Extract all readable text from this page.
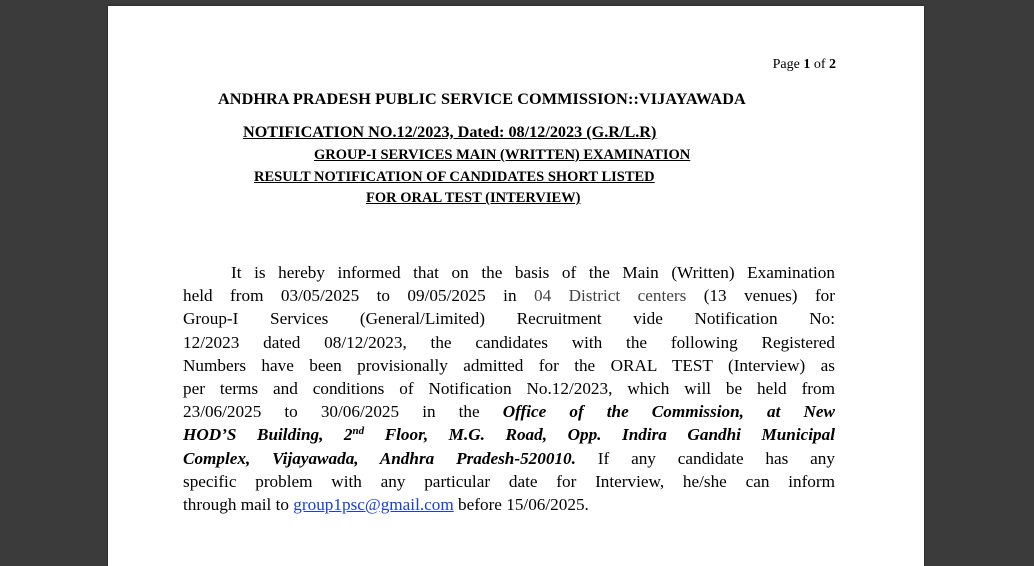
Page 1 of 2
ANDHRA PRADESH PUBLIC SERVICE COMMISSION::VIJAYAWADA
NOTIFICATION NO.12/2023, Dated: 08/12/2023 (G.R/L.R)
GROUP-I SERVICES MAIN (WRITTEN) EXAMINATION
RESULT NOTIFICATION OF CANDIDATES SHORT LISTED
FOR ORAL TEST (INTERVIEW)
It is hereby informed that on the basis of the Main (Written) Examination
held from 03/05/2025 to 09/05/2025 in 04 District centers (13 venues) for
Group-I Services (General/Limited) Recruitment vide Notification No:
12/2023 dated 08/12/2023, the candidates with the following Registered
Numbers have been provisionally admitted for the ORAL TEST (Interview) as
per terms and conditions of Notification No.12/2023, which will be held from
23/06/2025 to 30/06/2025 in the Office of the Commission, at New
HOD’S Building, 2nd Floor, M.G. Road, Opp. Indira Gandhi Municipal
Complex, Vijayawada, Andhra Pradesh-520010. If any candidate has any
specific problem with any particular date for Interview, he/she can inform
through mail to group1psc@gmail.com before 15/06/2025.
